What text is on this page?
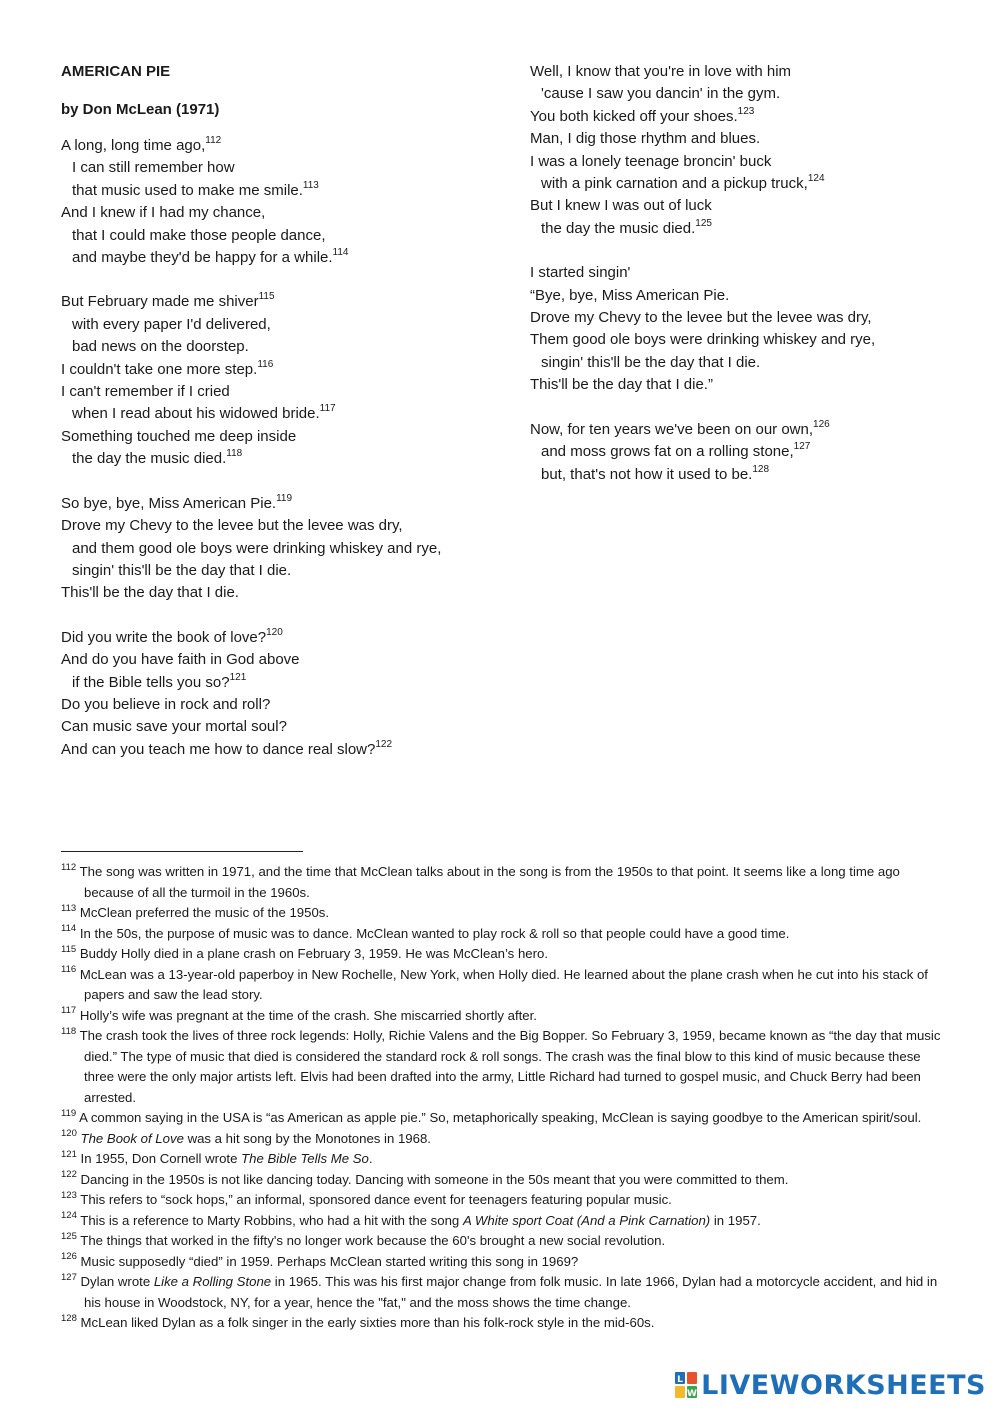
AMERICAN PIE
by Don McLean (1971)
A long, long time ago,$^{112}$
I can still remember how
that music used to make me smile.$^{113}$
And I knew if I had my chance,
that I could make those people dance,
and maybe they'd be happy for a while.$^{114}$
But February made me shiver$^{115}$
with every paper I'd delivered,
bad news on the doorstep.
I couldn't take one more step.$^{116}$
I can't remember if I cried
when I read about his widowed bride.$^{117}$
Something touched me deep inside
the day the music died.$^{118}$
So bye, bye, Miss American Pie.$^{119}$
Drove my Chevy to the levee but the levee was dry,
and them good ole boys were drinking whiskey and rye,
singin' this'll be the day that I die.
This'll be the day that I die.
Did you write the book of love?$^{120}$
And do you have faith in God above
if the Bible tells you so?$^{121}$
Do you believe in rock and roll?
Can music save your mortal soul?
And can you teach me how to dance real slow?$^{122}$
Well, I know that you're in love with him
'cause I saw you dancin' in the gym.
You both kicked off your shoes.$^{123}$
Man, I dig those rhythm and blues.
I was a lonely teenage broncin' buck
with a pink carnation and a pickup truck,$^{124}$
But I knew I was out of luck
the day the music died.$^{125}$
I started singin'
“Bye, bye, Miss American Pie.
Drove my Chevy to the levee but the levee was dry,
Them good ole boys were drinking whiskey and rye,
singin' this'll be the day that I die.
This'll be the day that I die.”
Now, for ten years we've been on our own,$^{126}$
and moss grows fat on a rolling stone,$^{127}$
but, that's not how it used to be.$^{128}$
$^{112}$ The song was written in 1971, and the time that McClean talks about in the song is from the 1950s to that point. It seems like a long time ago because of all the turmoil in the 1960s.
$^{113}$ McClean preferred the music of the 1950s.
$^{114}$ In the 50s, the purpose of music was to dance. McClean wanted to play rock & roll so that people could have a good time.
$^{115}$ Buddy Holly died in a plane crash on February 3, 1959. He was McClean’s hero.
$^{116}$ McLean was a 13-year-old paperboy in New Rochelle, New York, when Holly died. He learned about the plane crash when he cut into his stack of papers and saw the lead story.
$^{117}$ Holly’s wife was pregnant at the time of the crash. She miscarried shortly after.
$^{118}$ The crash took the lives of three rock legends: Holly, Richie Valens and the Big Bopper. So February 3, 1959, became known as “the day that music died.” The type of music that died is considered the standard rock & roll songs. The crash was the final blow to this kind of music because these three were the only major artists left. Elvis had been drafted into the army, Little Richard had turned to gospel music, and Chuck Berry had been arrested.
$^{119}$ A common saying in the USA is “as American as apple pie.” So, metaphorically speaking, McClean is saying goodbye to the American spirit/soul.
$^{120}$ The Book of Love was a hit song by the Monotones in 1968.
$^{121}$ In 1955, Don Cornell wrote The Bible Tells Me So.
$^{122}$ Dancing in the 1950s is not like dancing today. Dancing with someone in the 50s meant that you were committed to them.
$^{123}$ This refers to “sock hops,” an informal, sponsored dance event for teenagers featuring popular music.
$^{124}$ This is a reference to Marty Robbins, who had a hit with the song A White sport Coat (And a Pink Carnation) in 1957.
$^{125}$ The things that worked in the fifty's no longer work because the 60's brought a new social revolution.
$^{126}$ Music supposedly “died” in 1959. Perhaps McClean started writing this song in 1969?
$^{127}$ Dylan wrote Like a Rolling Stone in 1965. This was his first major change from folk music. In late 1966, Dylan had a motorcycle accident, and hid in his house in Woodstock, NY, for a year, hence the "fat," and the moss shows the time change.
$^{128}$ McLean liked Dylan as a folk singer in the early sixties more than his folk-rock style in the mid-60s.
L
W LIVEWORKSHEETS
